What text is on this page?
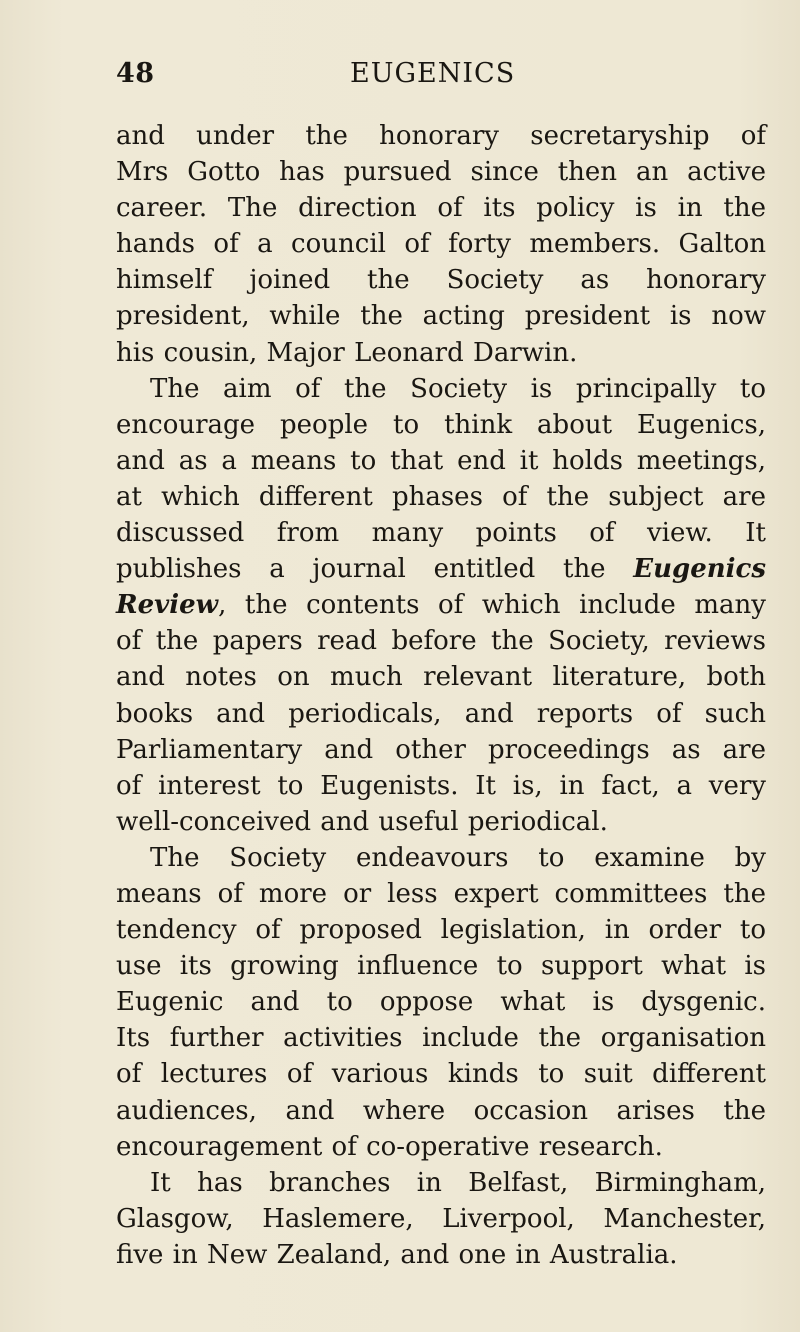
48	EUGENICS
and under the honorary secretaryship of
Mrs Gotto has pursued since then an active
career. The direction of its policy is in the
hands of a council of forty members. Galton
himself joined the Society as honorary
president, while the acting president is now
his cousin, Major Leonard Darwin.
The aim of the Society is principally to
encourage people to think about Eugenics,
and as a means to that end it holds meetings,
at which different phases of the subject are
discussed from many points of view. It
publishes a journal entitled the Eugenics
Review, the contents of which include many
of the papers read before the Society, reviews
and notes on much relevant literature, both
books and periodicals, and reports of such
Parliamentary and other proceedings as are
of interest to Eugenists. It is, in fact, a very
well-conceived and useful periodical.
The Society endeavours to examine by
means of more or less expert committees the
tendency of proposed legislation, in order to
use its growing influence to support what is
Eugenic and to oppose what is dysgenic.
Its further activities include the organisation
of lectures of various kinds to suit different
audiences, and where occasion arises the
encouragement of co-operative research.
It has branches in Belfast, Birmingham,
Glasgow, Haslemere, Liverpool, Manchester,
five in New Zealand, and one in Australia.
